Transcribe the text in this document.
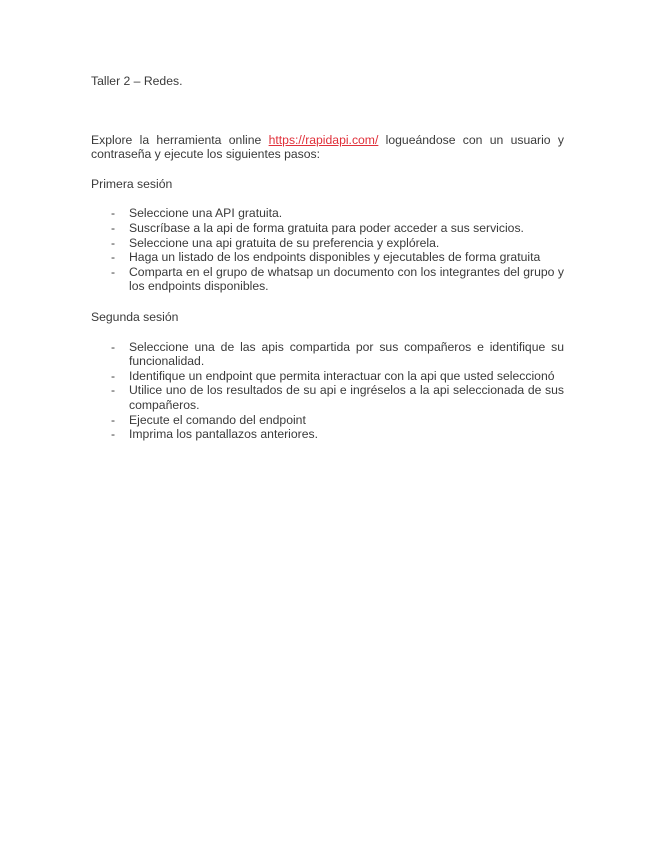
Taller 2 – Redes.

Explore la herramienta online https://rapidapi.com/ logueándose con un usuario y contraseña y ejecute los siguientes pasos:

Primera sesión

- Seleccione una API gratuita.
- Suscríbase a la api de forma gratuita para poder acceder a sus servicios.
- Seleccione una api gratuita de su preferencia y explórela.
- Haga un listado de los endpoints disponibles y ejecutables de forma gratuita
- Comparta en el grupo de whatsap un documento con los integrantes del grupo y los endpoints disponibles.

Segunda sesión

- Seleccione una de las apis compartida por sus compañeros e identifique su funcionalidad.
- Identifique un endpoint que permita interactuar con la api que usted seleccionó
- Utilice uno de los resultados de su api e ingréselos a la api seleccionada de sus compañeros.
- Ejecute el comando del endpoint
- Imprima los pantallazos anteriores.
